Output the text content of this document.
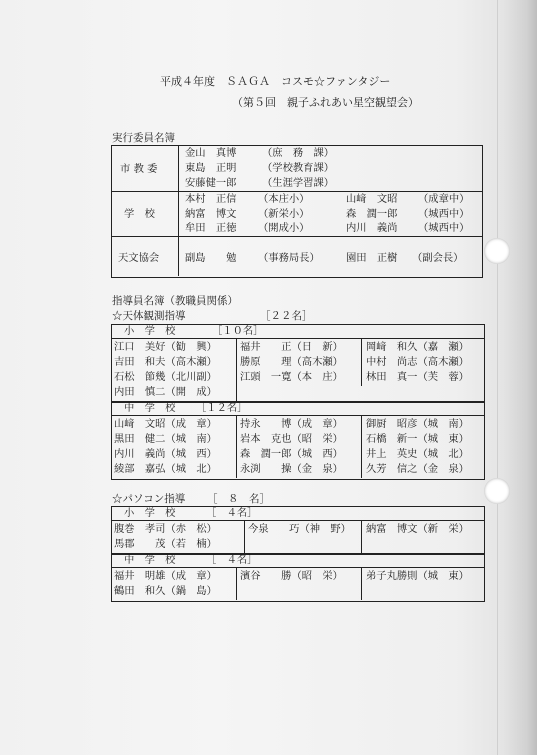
平成４年度　ＳＡＧＡ　コスモ☆ファンタジー
（第５回　親子ふれあい星空観望会）
実行委員名簿
市 教 委
金山　真博 （庶　務　課）
東島　正明 （学校教育課）
安藤健一郎 （生涯学習課）
学　校
本村　正信 （本庄小）	山﨑　文昭 （成章中）
納富　博文 （新栄小）	森　潤一郎 （城西中）
牟田　正徳 （開成小）	内川　義尚 （城西中）
天文協会	副島　　勉 （事務局長）	園田　正樹 （副会長）
指導員名簿（教職員関係）
☆天体観測指導	［２２名］
小　学　校	［１０名］
江口　美好（勧　興） 福井　　正（日　新） 岡﨑　和久（嘉　瀬）
吉田　和夫（高木瀬） 勝原　　理（高木瀬） 中村　尚志（高木瀬）
石松　節幾（北川副） 江頭　一寛（本　庄） 林田　真一（芙　蓉）
内田　慎二（開　成）
中　学　校 ［１２名］
山﨑　文昭（成　章） 持永　　博（成　章） 御厨　昭彦（城　南）
黒田　健二（城　南） 岩本　克也（昭　栄） 石橋　新一（城　東）
内川　義尚（城　西） 森　潤一郎（城　西） 井上　英史（城　北）
綾部　嘉弘（城　北） 永渕　　操（金　泉） 久芳　信之（金　泉）
☆パソコン指導 ［　８　名］
小　学　校	［　４名］
腹巻　孝司（赤　松）	今泉　　巧（神　野） 納富　博文（新　栄）
馬郡　　茂（若　楠）
中　学　校	［　４名］
福井　明雄（成　章） 濱谷　　勝（昭　栄） 弟子丸勝則（城　東）
鶴田　和久（鍋　島）
